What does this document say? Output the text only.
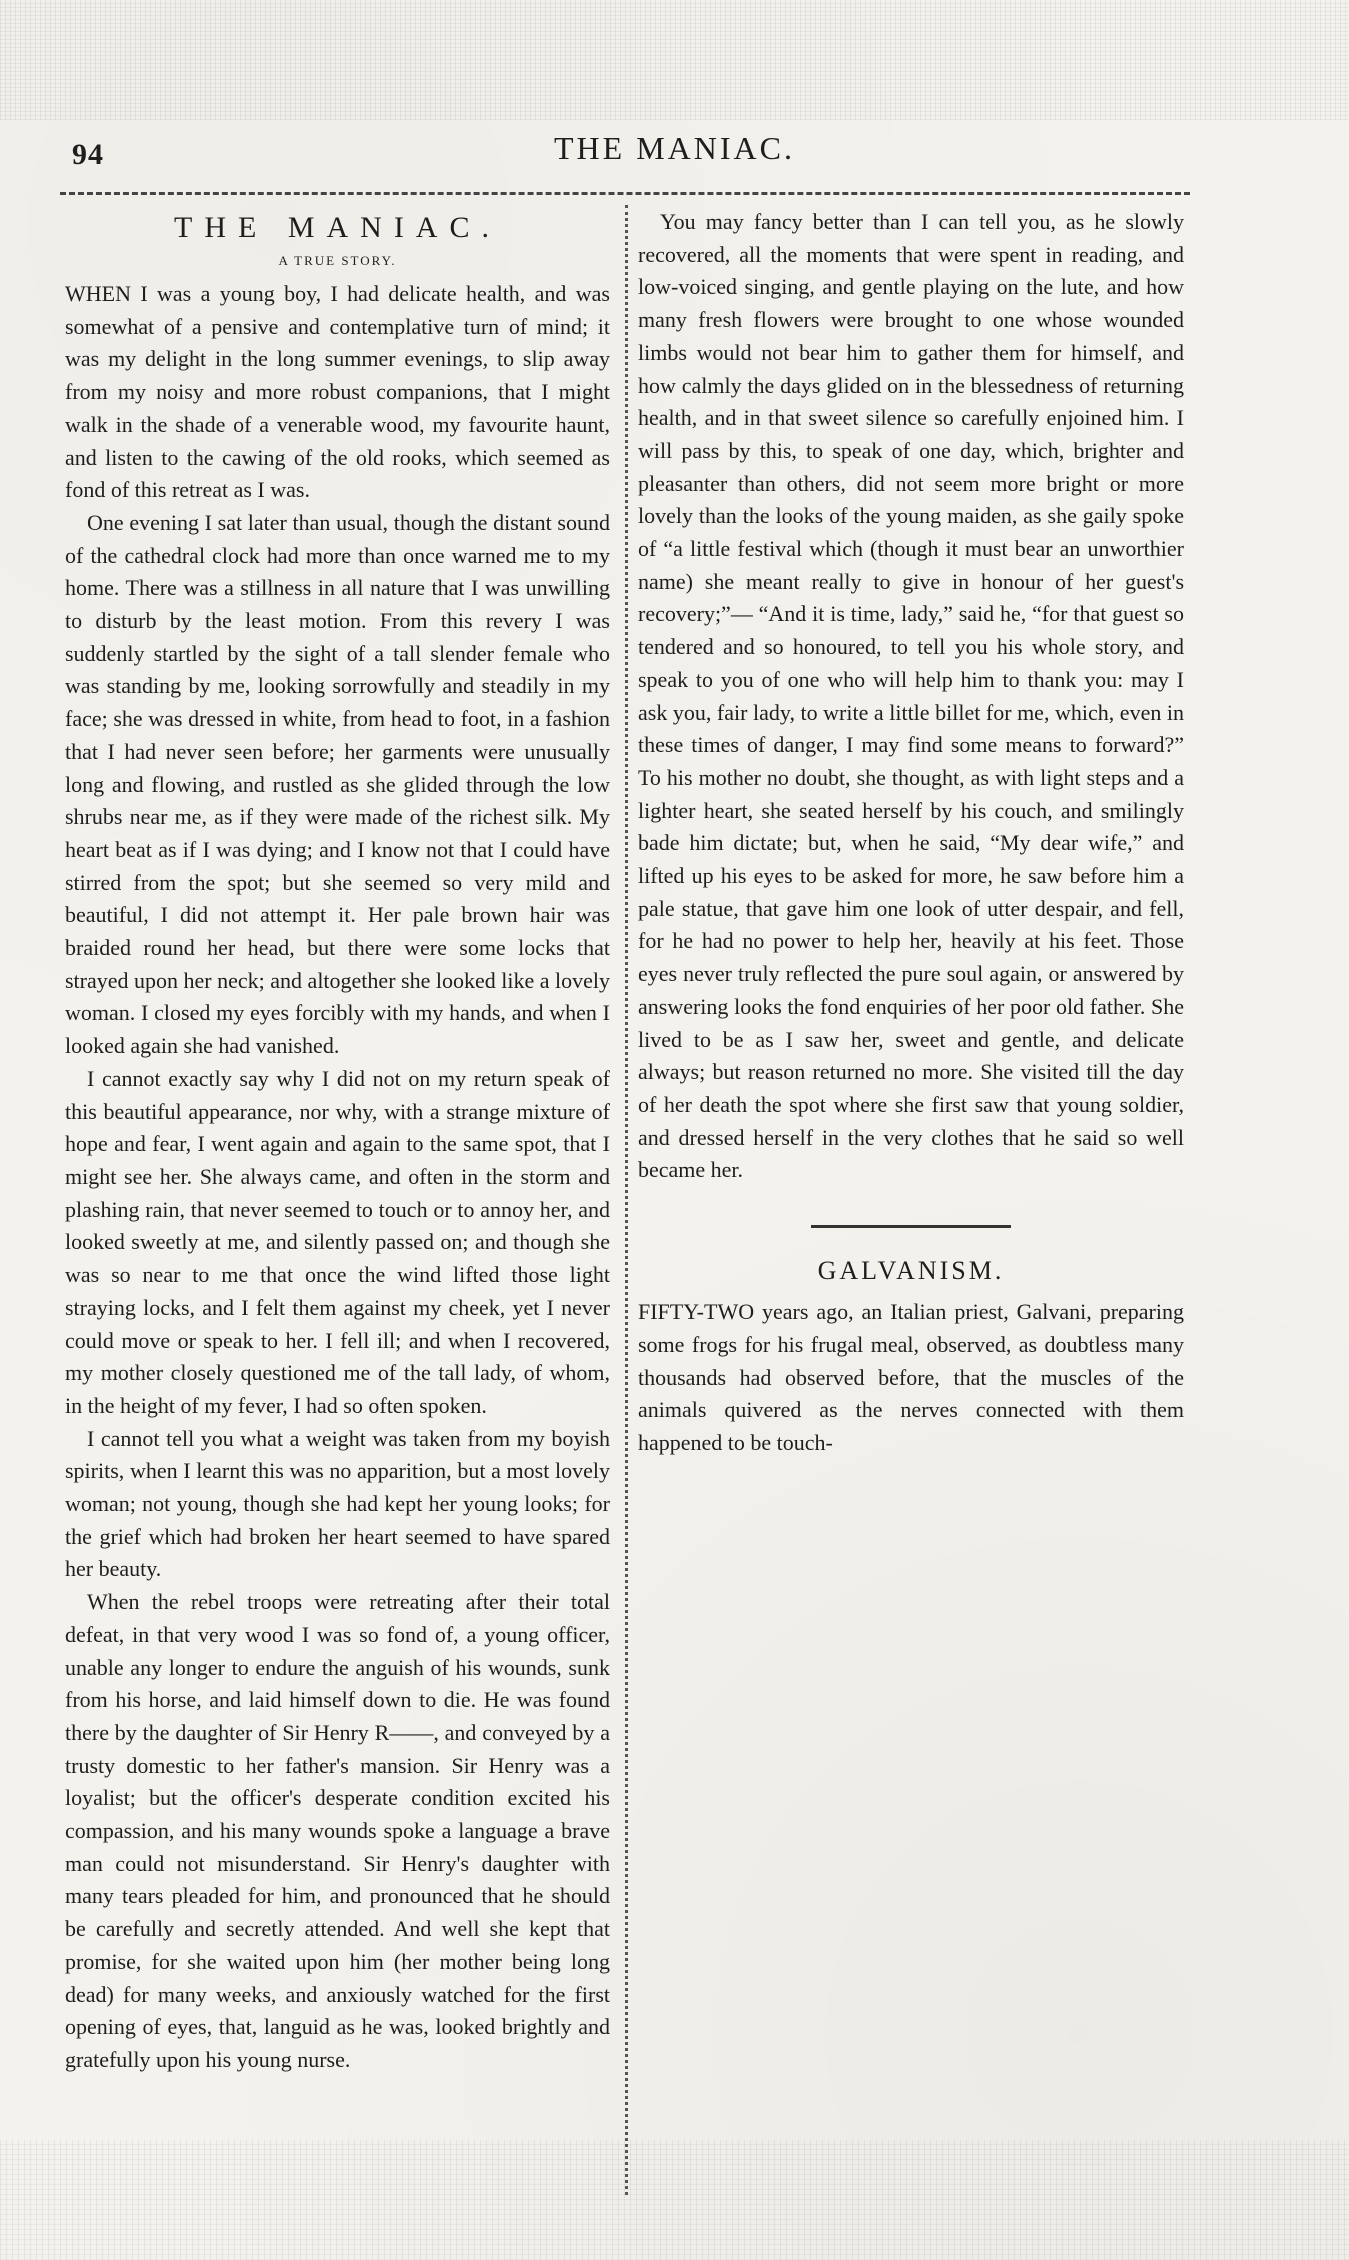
94	THE MANIAC.
THE MANIAC.
A TRUE STORY.

WHEN I was a young boy, I had delicate health, and was somewhat of a pensive and contemplative turn of mind; it was my delight in the long summer evenings, to slip away from my noisy and more robust companions, that I might walk in the shade of a venerable wood, my favourite haunt, and listen to the cawing of the old rooks, which seemed as fond of this retreat as I was.

One evening I sat later than usual, though the distant sound of the cathedral clock had more than once warned me to my home. There was a stillness in all nature that I was unwilling to disturb by the least motion. From this revery I was suddenly startled by the sight of a tall slender female who was standing by me, looking sorrowfully and steadily in my face; she was dressed in white, from head to foot, in a fashion that I had never seen before; her garments were unusually long and flowing, and rustled as she glided through the low shrubs near me, as if they were made of the richest silk. My heart beat as if I was dying; and I know not that I could have stirred from the spot; but she seemed so very mild and beautiful, I did not attempt it. Her pale brown hair was braided round her head, but there were some locks that strayed upon her neck; and altogether she looked like a lovely woman. I closed my eyes forcibly with my hands, and when I looked again she had vanished.

I cannot exactly say why I did not on my return speak of this beautiful appearance, nor why, with a strange mixture of hope and fear, I went again and again to the same spot, that I might see her. She always came, and often in the storm and plashing rain, that never seemed to touch or to annoy her, and looked sweetly at me, and silently passed on; and though she was so near to me that once the wind lifted those light straying locks, and I felt them against my cheek, yet I never could move or speak to her. I fell ill; and when I recovered, my mother closely questioned me of the tall lady, of whom, in the height of my fever, I had so often spoken.

I cannot tell you what a weight was taken from my boyish spirits, when I learnt this was no apparition, but a most lovely woman; not young, though she had kept her young looks; for the grief which had broken her heart seemed to have spared her beauty.

When the rebel troops were retreating after their total defeat, in that very wood I was so fond of, a young officer, unable any longer to endure the anguish of his wounds, sunk from his horse, and laid himself down to die. He was found there by the daughter of Sir Henry R——, and conveyed by a trusty domestic to her father's mansion. Sir Henry was a loyalist; but the officer's desperate condition excited his compassion, and his many wounds spoke a language a brave man could not misunderstand. Sir Henry's daughter with many tears pleaded for him, and pronounced that he should be carefully and secretly attended. And well she kept that promise, for she waited upon him (her mother being long dead) for many weeks, and anxiously watched for the first opening of eyes, that, languid as he was, looked brightly and gratefully upon his young nurse.

You may fancy better than I can tell you, as he slowly recovered, all the moments that were spent in reading, and low-voiced singing, and gentle playing on the lute, and how many fresh flowers were brought to one whose wounded limbs would not bear him to gather them for himself, and how calmly the days glided on in the blessedness of returning health, and in that sweet silence so carefully enjoined him. I will pass by this, to speak of one day, which, brighter and pleasanter than others, did not seem more bright or more lovely than the looks of the young maiden, as she gaily spoke of “a little festival which (though it must bear an unworthier name) she meant really to give in honour of her guest's recovery;”— “And it is time, lady,” said he, “for that guest so tendered and so honoured, to tell you his whole story, and speak to you of one who will help him to thank you: may I ask you, fair lady, to write a little billet for me, which, even in these times of danger, I may find some means to forward?” To his mother no doubt, she thought, as with light steps and a lighter heart, she seated herself by his couch, and smilingly bade him dictate; but, when he said, “My dear wife,” and lifted up his eyes to be asked for more, he saw before him a pale statue, that gave him one look of utter despair, and fell, for he had no power to help her, heavily at his feet. Those eyes never truly reflected the pure soul again, or answered by answering looks the fond enquiries of her poor old father. She lived to be as I saw her, sweet and gentle, and delicate always; but reason returned no more. She visited till the day of her death the spot where she first saw that young soldier, and dressed herself in the very clothes that he said so well became her.

GALVANISM.

FIFTY-TWO years ago, an Italian priest, Galvani, preparing some frogs for his frugal meal, observed, as doubtless many thousands had observed before, that the muscles of the animals quivered as the nerves connected with them happened to be touch-
